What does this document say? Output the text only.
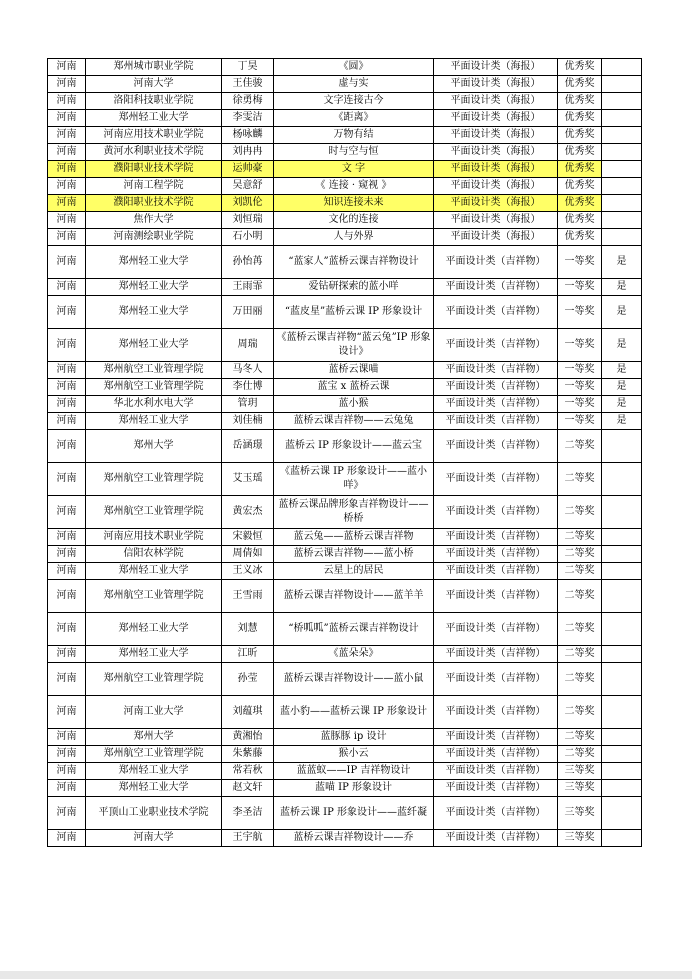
河南	郑州城市职业学院	丁昊	《圆》	平面设计类（海报）	优秀奖	
河南	河南大学	王佳骏	虚与实	平面设计类（海报）	优秀奖	
河南	洛阳科技职业学院	徐勇梅	文字连接古今	平面设计类（海报）	优秀奖	
河南	郑州轻工业大学	李雯洁	《距离》	平面设计类（海报）	优秀奖	
河南	河南应用技术职业学院	杨咏麟	万物有结	平面设计类（海报）	优秀奖	
河南	黄河水利职业技术学院	刘冉冉	时与空与恒	平面设计类（海报）	优秀奖	
河南	濮阳职业技术学院	运帅豪	文 字	平面设计类（海报）	优秀奖	
河南	河南工程学院	吴意舒	《 连接 · 窥视 》	平面设计类（海报）	优秀奖	
河南	濮阳职业技术学院	刘凯伦	知识连接未来	平面设计类（海报）	优秀奖	
河南	焦作大学	刘恒瑞	文化的连接	平面设计类（海报）	优秀奖	
河南	河南测绘职业学院	石小明	人与外界	平面设计类（海报）	优秀奖	
河南	郑州轻工业大学	孙怡苒	“蓝家人”蓝桥云课吉祥物设计	平面设计类（吉祥物）	一等奖	是
河南	郑州轻工业大学	王雨霏	爱钻研探索的蓝小咩	平面设计类（吉祥物）	一等奖	是
河南	郑州轻工业大学	万田丽	“蓝皮星”蓝桥云课 IP 形象设计	平面设计类（吉祥物）	一等奖	是
河南	郑州轻工业大学	周瑞	《蓝桥云课吉祥物“蓝云兔”IP 形象设计》	平面设计类（吉祥物）	一等奖	是
河南	郑州航空工业管理学院	马冬人	蓝桥云课喵	平面设计类（吉祥物）	一等奖	是
河南	郑州航空工业管理学院	李仕博	蓝宝 x 蓝桥云课	平面设计类（吉祥物）	一等奖	是
河南	华北水利水电大学	管玥	蓝小猴	平面设计类（吉祥物）	一等奖	是
河南	郑州轻工业大学	刘佳楠	蓝桥云课吉祥物——云兔兔	平面设计类（吉祥物）	一等奖	是
河南	郑州大学	岳涵璟	蓝桥云 IP 形象设计——蓝云宝	平面设计类（吉祥物）	二等奖	
河南	郑州航空工业管理学院	艾玉瑶	《蓝桥云课 IP 形象设计——蓝小咩》	平面设计类（吉祥物）	二等奖	
河南	郑州航空工业管理学院	黄宏杰	蓝桥云课品牌形象吉祥物设计——桥桥	平面设计类（吉祥物）	二等奖	
河南	河南应用技术职业学院	宋毅恒	蓝云兔——蓝桥云课吉祥物	平面设计类（吉祥物）	二等奖	
河南	信阳农林学院	周倩如	蓝桥云课吉祥物——蓝小桥	平面设计类（吉祥物）	二等奖	
河南	郑州轻工业大学	王义冰	云星上的居民	平面设计类（吉祥物）	二等奖	
河南	郑州航空工业管理学院	王雪雨	蓝桥云课吉祥物设计——蓝羊羊	平面设计类（吉祥物）	二等奖	
河南	郑州轻工业大学	刘慧	“桥呱呱”蓝桥云课吉祥物设计	平面设计类（吉祥物）	二等奖	
河南	郑州轻工业大学	江昕	《蓝朵朵》	平面设计类（吉祥物）	二等奖	
河南	郑州航空工业管理学院	孙莹	蓝桥云课吉祥物设计——蓝小鼠	平面设计类（吉祥物）	二等奖	
河南	河南工业大学	刘蕴琪	蓝小豹——蓝桥云课 IP 形象设计	平面设计类（吉祥物）	二等奖	
河南	郑州大学	黄湘怡	蓝豚豚 ip 设计	平面设计类（吉祥物）	二等奖	
河南	郑州航空工业管理学院	朱紫藤	猴小云	平面设计类（吉祥物）	二等奖	
河南	郑州轻工业大学	常若秋	蓝蓝蚁——IP 吉祥物设计	平面设计类（吉祥物）	三等奖	
河南	郑州轻工业大学	赵文轩	蓝喵 IP 形象设计	平面设计类（吉祥物）	三等奖	
河南	平顶山工业职业技术学院	李圣洁	蓝桥云课 IP 形象设计——蓝纤凝	平面设计类（吉祥物）	三等奖	
河南	河南大学	王宇航	蓝桥云课吉祥物设计——乔	平面设计类（吉祥物）	三等奖	
